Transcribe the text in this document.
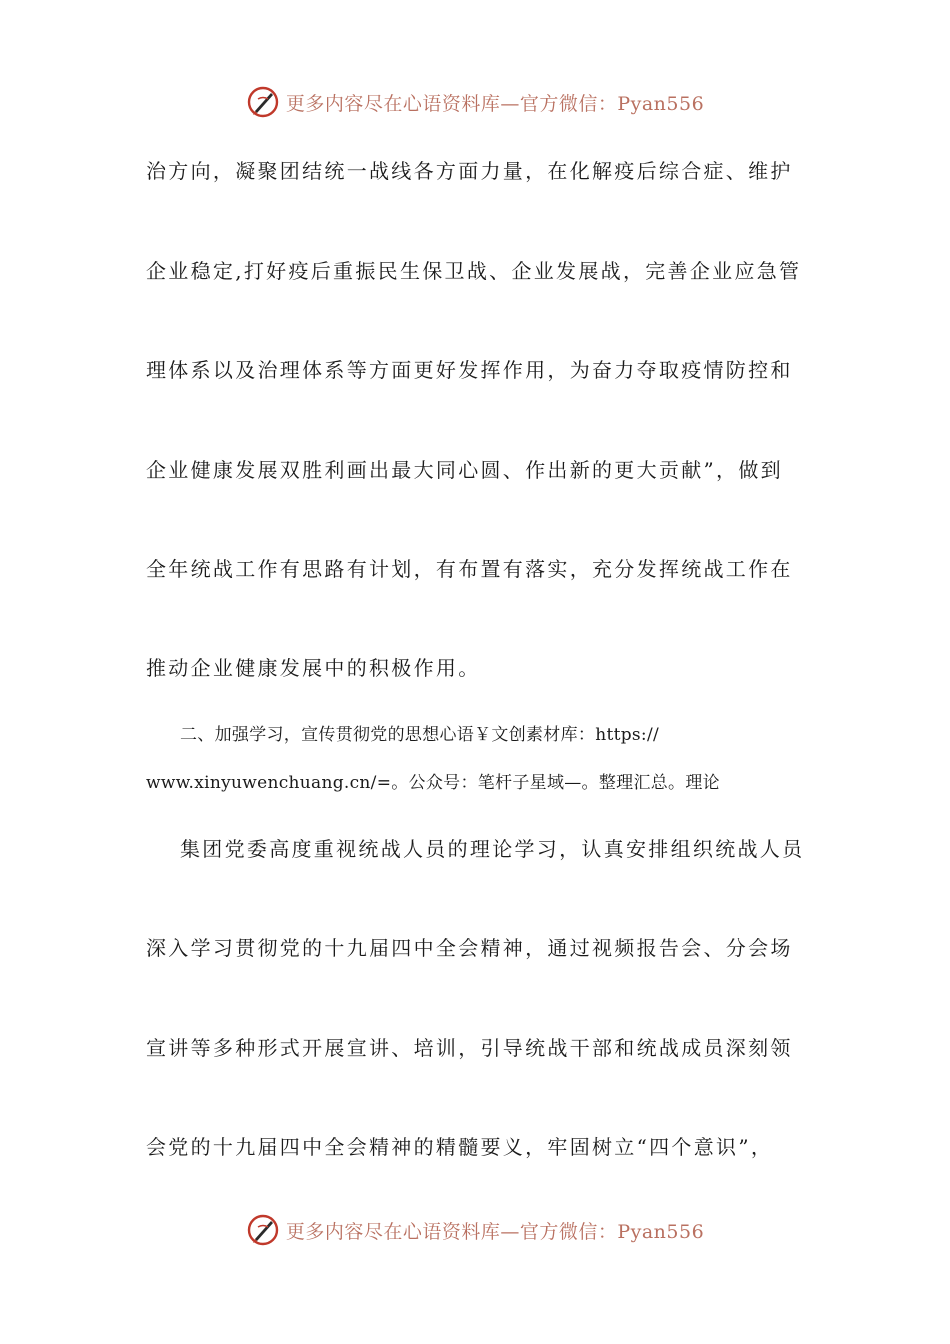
更多内容尽在心语资料库—官方微信：Pyan556
治方向，凝聚团结统一战线各方面力量，在化解疫后综合症、维护
企业稳定,打好疫后重振民生保卫战、企业发展战，完善企业应急管
理体系以及治理体系等方面更好发挥作用，为奋力夺取疫情防控和
企业健康发展双胜利画出最大同心圆、作出新的更大贡献”，做到
全年统战工作有思路有计划，有布置有落实，充分发挥统战工作在
推动企业健康发展中的积极作用。
二、加强学习，宣传贯彻党的思想心语￥文创素材库：https://
www.xinyuwenchuang.cn/=。公众号：笔杆子星域—。整理汇总。理论
集团党委高度重视统战人员的理论学习，认真安排组织统战人员
深入学习贯彻党的十九届四中全会精神，通过视频报告会、分会场
宣讲等多种形式开展宣讲、培训，引导统战干部和统战成员深刻领
会党的十九届四中全会精神的精髓要义，牢固树立“四个意识”，
更多内容尽在心语资料库—官方微信：Pyan556
